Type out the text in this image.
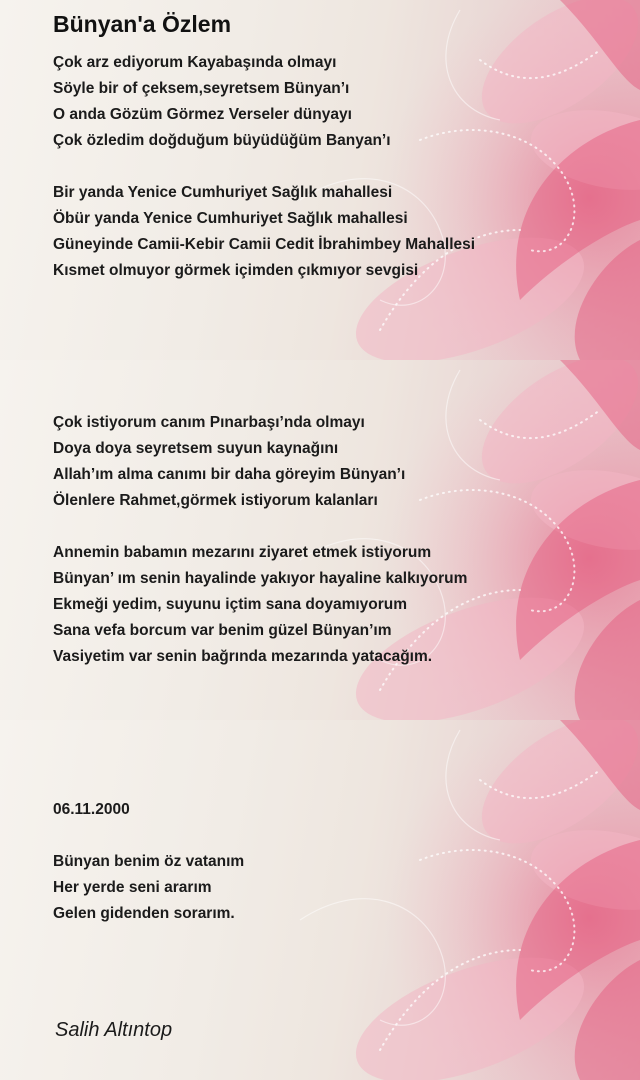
Bünyan'a Özlem
Çok arz ediyorum Kayabaşında olmayı
Söyle bir of çeksem,seyretsem Bünyan’ı
O anda Gözüm Görmez Verseler dünyayı
Çok özledim doğduğum büyüdüğüm Banyan’ı
Bir yanda Yenice Cumhuriyet Sağlık mahallesi
Öbür yanda Yenice Cumhuriyet Sağlık mahallesi
Güneyinde Camii-Kebir Camii Cedit İbrahimbey Mahallesi
Kısmet olmuyor görmek içimden çıkmıyor sevgisi
Çok istiyorum canım Pınarbaşı’nda olmayı
Doya doya seyretsem suyun kaynağını
Allah’ım alma canımı bir daha göreyim Bünyan’ı
Ölenlere Rahmet,görmek istiyorum kalanları
Annemin babamın mezarını ziyaret etmek istiyorum
Bünyan’ ım senin hayalinde yakıyor hayaline kalkıyorum
Ekmeği yedim, suyunu içtim sana doyamıyorum
Sana vefa borcum var benim güzel Bünyan’ım
Vasiyetim var senin bağrında mezarında yatacağım.
06.11.2000
Bünyan benim öz vatanım
Her yerde seni ararım
Gelen gidenden sorarım.
Salih Altıntop
